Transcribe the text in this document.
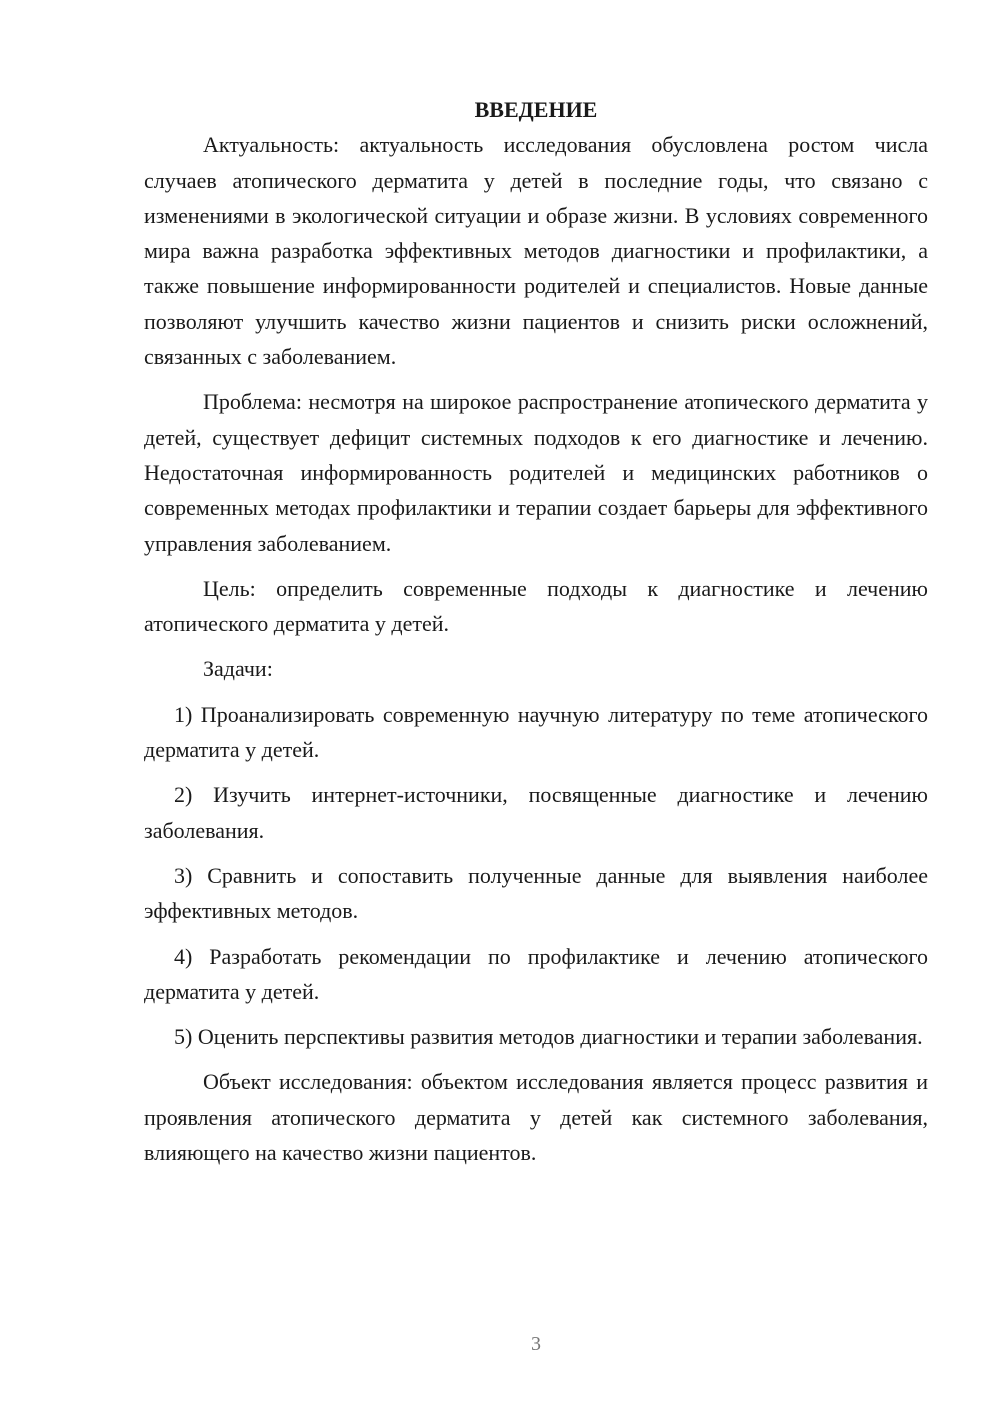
ВВЕДЕНИЕ

Актуальность: актуальность исследования обусловлена ростом числа случаев атопического дерматита у детей в последние годы, что связано с изменениями в экологической ситуации и образе жизни. В условиях современного мира важна разработка эффективных методов диагностики и профилактики, а также повышение информированности родителей и специалистов. Новые данные позволяют улучшить качество жизни пациентов и снизить риски осложнений, связанных с заболеванием.

Проблема: несмотря на широкое распространение атопического дерматита у детей, существует дефицит системных подходов к его диагностике и лечению. Недостаточная информированность родителей и медицинских работников о современных методах профилактики и терапии создает барьеры для эффективного управления заболеванием.

Цель: определить современные подходы к диагностике и лечению атопического дерматита у детей.

Задачи:

1) Проанализировать современную научную литературу по теме атопического дерматита у детей.

2) Изучить интернет-источники, посвященные диагностике и лечению заболевания.

3) Сравнить и сопоставить полученные данные для выявления наиболее эффективных методов.

4) Разработать рекомендации по профилактике и лечению атопического дерматита у детей.

5) Оценить перспективы развития методов диагностики и терапии заболевания.

Объект исследования: объектом исследования является процесс развития и проявления атопического дерматита у детей как системного заболевания, влияющего на качество жизни пациентов.

3
